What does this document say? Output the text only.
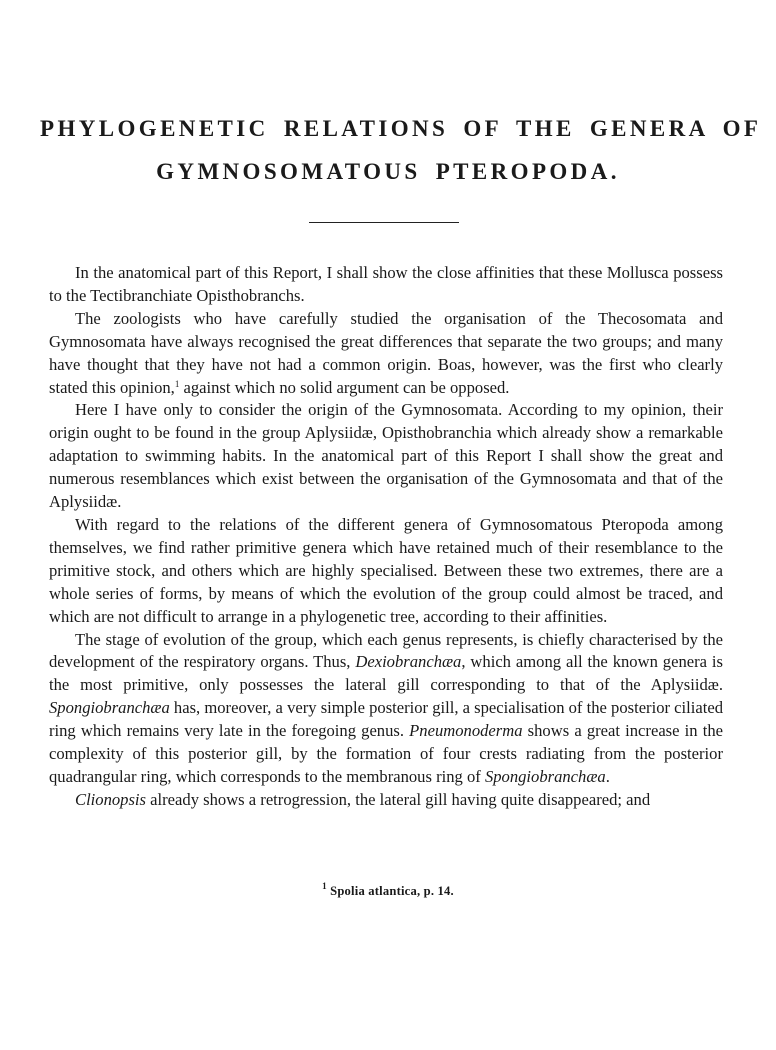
PHYLOGENETIC RELATIONS OF THE GENERA OF
GYMNOSOMATOUS PTEROPODA.

In the anatomical part of this Report, I shall show the close affinities that these Mollusca possess to the Tectibranchiate Opisthobranchs.

The zoologists who have carefully studied the organisation of the Thecosomata and Gymnosomata have always recognised the great differences that separate the two groups; and many have thought that they have not had a common origin. Boas, however, was the first who clearly stated this opinion,$^1$ against which no solid argument can be opposed.

Here I have only to consider the origin of the Gymnosomata. According to my opinion, their origin ought to be found in the group Aplysiidæ, Opisthobranchia which already show a remarkable adaptation to swimming habits. In the anatomical part of this Report I shall show the great and numerous resemblances which exist between the organisation of the Gymnosomata and that of the Aplysiidæ.

With regard to the relations of the different genera of Gymnosomatous Pteropoda among themselves, we find rather primitive genera which have retained much of their resemblance to the primitive stock, and others which are highly specialised. Between these two extremes, there are a whole series of forms, by means of which the evolution of the group could almost be traced, and which are not difficult to arrange in a phylogenetic tree, according to their affinities.

The stage of evolution of the group, which each genus represents, is chiefly characterised by the development of the respiratory organs. Thus, Dexiobranchæa, which among all the known genera is the most primitive, only possesses the lateral gill corresponding to that of the Aplysiidæ. Spongiobranchæa has, moreover, a very simple posterior gill, a specialisation of the posterior ciliated ring which remains very late in the foregoing genus. Pneumonoderma shows a great increase in the complexity of this posterior gill, by the formation of four crests radiating from the posterior quadrangular ring, which corresponds to the membranous ring of Spongiobranchæa.

Clionopsis already shows a retrogression, the lateral gill having quite disappeared; and

$^1$ Spolia atlantica, p. 14.
